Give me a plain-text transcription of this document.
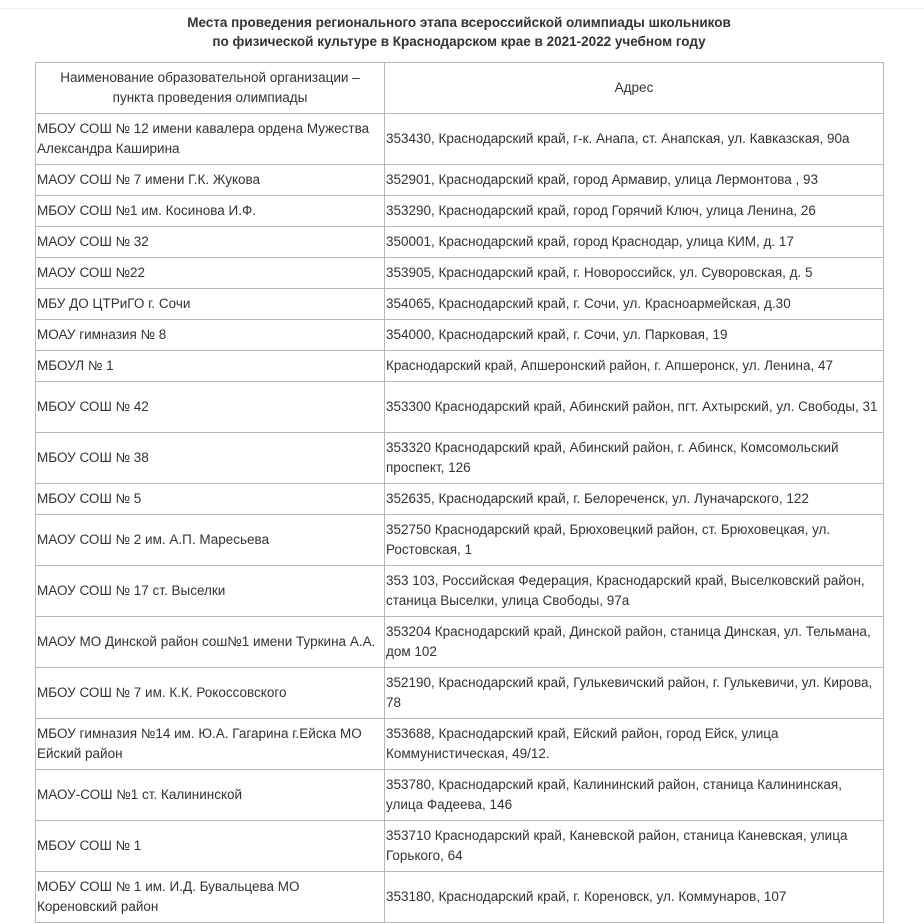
Места проведения регионального этапа всероссийской олимпиады школьников
по физической культуре в Краснодарском крае в 2021-2022 учебном году
Наименование образовательной организации – пункта проведения олимпиады	Адрес
МБОУ СОШ № 12 имени кавалера ордена Мужества Александра Каширина	353430, Краснодарский край, г-к. Анапа, ст. Анапская, ул. Кавказская, 90а
МАОУ СОШ № 7 имени Г.К. Жукова	352901, Краснодарский край, город Армавир, улица Лермонтова , 93
МБОУ СОШ №1 им. Косинова И.Ф.	353290, Краснодарский край, город Горячий Ключ, улица Ленина, 26
МАОУ СОШ № 32	350001, Краснодарский край, город Краснодар, улица КИМ, д. 17
МАОУ СОШ №22	353905, Краснодарский край, г. Новороссийск, ул. Суворовская, д. 5
МБУ ДО ЦТРиГО г. Сочи	354065, Краснодарский край, г. Сочи, ул. Красноармейская, д.30
МОАУ гимназия № 8	354000, Краснодарский край, г. Сочи, ул. Парковая, 19
МБОУЛ № 1	Краснодарский край, Апшеронский район, г. Апшеронск, ул. Ленина, 47
МБОУ СОШ № 42	353300 Краснодарский край, Абинский район, пгт. Ахтырский, ул. Свободы, 31
МБОУ СОШ № 38	353320 Краснодарский край, Абинский район, г. Абинск, Комсомольский проспект, 126
МБОУ СОШ № 5	352635, Краснодарский край, г. Белореченск, ул. Луначарского, 122
МАОУ СОШ № 2 им. А.П. Маресьева	352750 Краснодарский край, Брюховецкий район, ст. Брюховецкая, ул. Ростовская, 1
МАОУ СОШ № 17 ст. Выселки	353 103, Российская Федерация, Краснодарский край, Выселковский район, станица Выселки, улица Свободы, 97а
МАОУ МО Динской район сош№1 имени Туркина А.А.	353204 Краснодарский край, Динской район, станица Динская, ул. Тельмана, дом 102
МБОУ СОШ № 7 им. К.К. Рокоссовского	352190, Краснодарский край, Гулькевичский район, г. Гулькевичи, ул. Кирова, 78
МБОУ гимназия №14 им. Ю.А. Гагарина г.Ейска МО Ейский район	353688, Краснодарский край, Ейский район, город Ейск, улица Коммунистическая, 49/12.
МАОУ-СОШ №1 ст. Калининской	353780, Краснодарский край, Калининский район, станица Калининская, улица Фадеева, 146
МБОУ СОШ № 1	353710 Краснодарский край, Каневской район, станица Каневская, улица Горького, 64
МОБУ СОШ № 1 им. И.Д. Бувальцева МО Кореновский район	353180, Краснодарский край, г. Кореновск, ул. Коммунаров, 107
